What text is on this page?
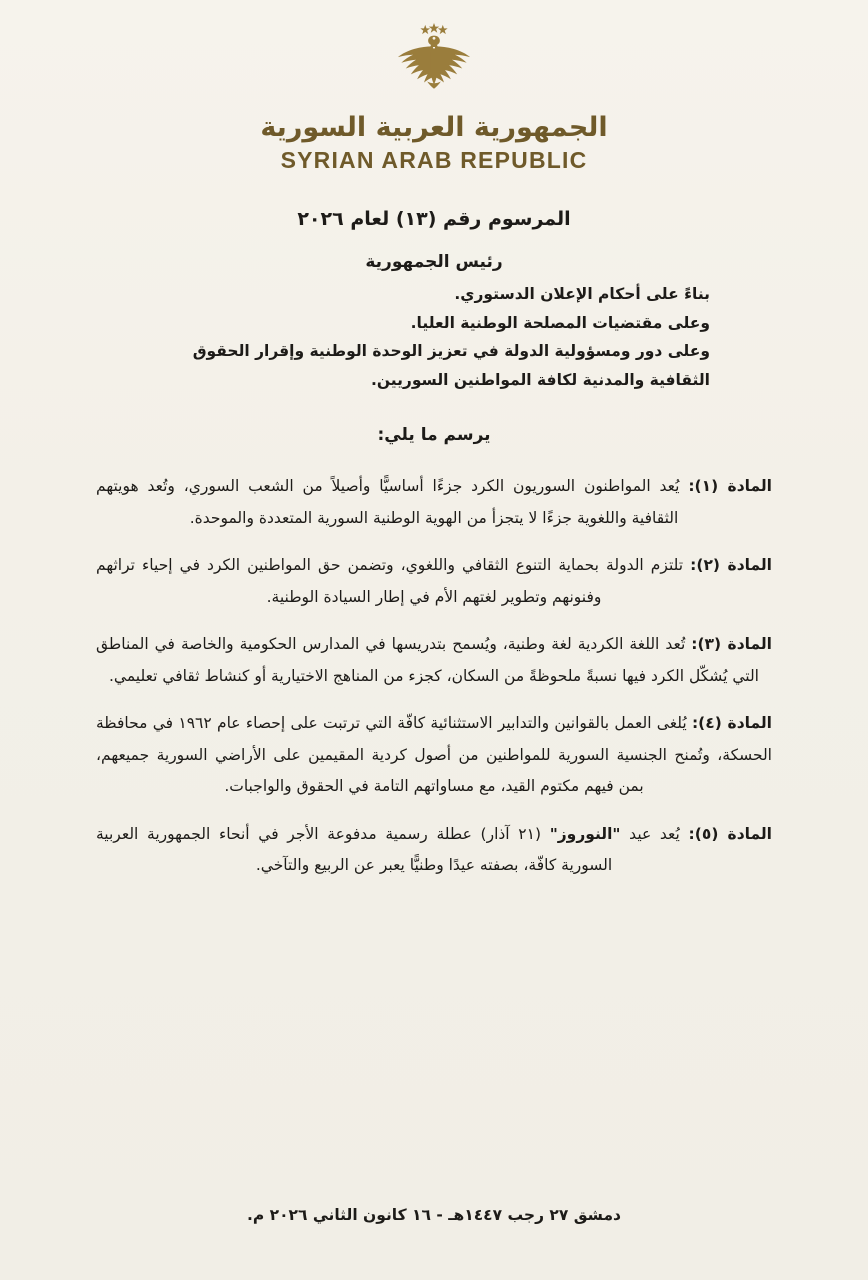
الجمهورية العربية السورية
SYRIAN ARAB REPUBLIC
المرسوم رقم (١٣) لعام ٢٠٢٦
رئيس الجمهورية

بناءً على أحكام الإعلان الدستوري.

وعلى مقتضيات المصلحة الوطنية العليا.

وعلى دور ومسؤولية الدولة في تعزيز الوحدة الوطنية وإقرار الحقوق الثقافية والمدنية لكافة المواطنين السوريين.

يرسم ما يلي:

المادة (١): يُعد المواطنون السوريون الكرد جزءًا أساسيًّا وأصيلاً من الشعب السوري، وتُعد هويتهم الثقافية واللغوية جزءًا لا يتجزأ من الهوية الوطنية السورية المتعددة والموحدة.

المادة (٢): تلتزم الدولة بحماية التنوع الثقافي واللغوي، وتضمن حق المواطنين الكرد في إحياء تراثهم وفنونهم وتطوير لغتهم الأم في إطار السيادة الوطنية.

المادة (٣): تُعد اللغة الكردية لغة وطنية، ويُسمح بتدريسها في المدارس الحكومية والخاصة في المناطق التي يُشكّل الكرد فيها نسبةً ملحوظةً من السكان، كجزء من المناهج الاختيارية أو كنشاط ثقافي تعليمي.

المادة (٤): يُلغى العمل بالقوانين والتدابير الاستثنائية كافّة التي ترتبت على إحصاء عام ١٩٦٢ في محافظة الحسكة، وتُمنح الجنسية السورية للمواطنين من أصول كردية المقيمين على الأراضي السورية جميعهم، بمن فيهم مكتوم القيد، مع مساواتهم التامة في الحقوق والواجبات.

المادة (٥): يُعد عيد "النوروز" (٢١ آذار) عطلة رسمية مدفوعة الأجر في أنحاء الجمهورية العربية السورية كافّة، بصفته عيدًا وطنيًّا يعبر عن الربيع والتآخي.

دمشق ٢٧ رجب ١٤٤٧هـ - ١٦ كانون الثاني ٢٠٢٦ م.
